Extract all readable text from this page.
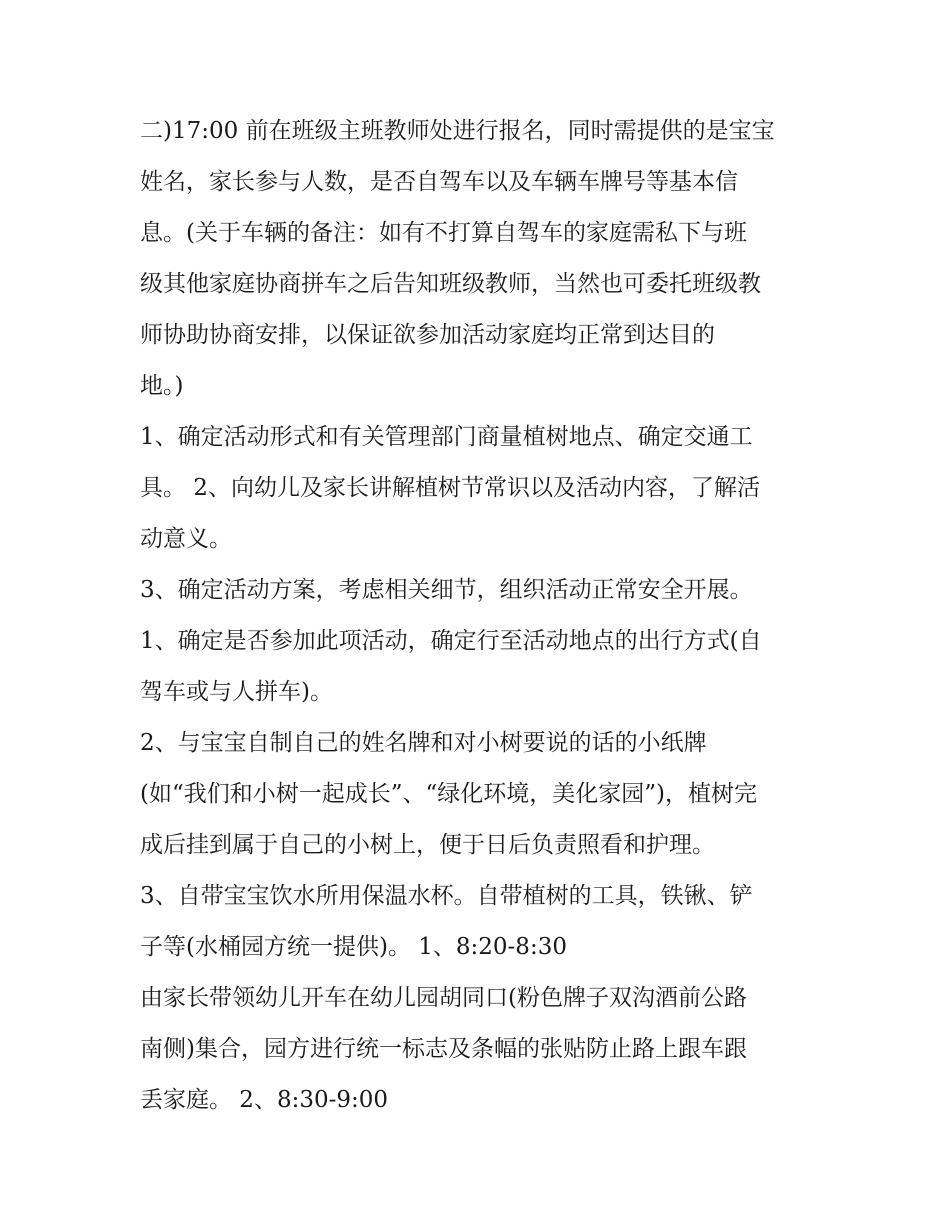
二)17:00 前在班级主班教师处进行报名，同时需提供的是宝宝
姓名，家长参与人数，是否自驾车以及车辆车牌号等基本信
息。(关于车辆的备注：如有不打算自驾车的家庭需私下与班
级其他家庭协商拼车之后告知班级教师，当然也可委托班级教
师协助协商安排，以保证欲参加活动家庭均正常到达目的
地。)
1、确定活动形式和有关管理部门商量植树地点、确定交通工
具。 2、向幼儿及家长讲解植树节常识以及活动内容，了解活
动意义。
3、确定活动方案，考虑相关细节，组织活动正常安全开展。
1、确定是否参加此项活动，确定行至活动地点的出行方式(自
驾车或与人拼车)。
2、与宝宝自制自己的姓名牌和对小树要说的话的小纸牌
(如“我们和小树一起成长”、“绿化环境，美化家园”)，植树完
成后挂到属于自己的小树上，便于日后负责照看和护理。
3、自带宝宝饮水所用保温水杯。自带植树的工具，铁锹、铲
子等(水桶园方统一提供)。 1、8:20-8:30
由家长带领幼儿开车在幼儿园胡同口(粉色牌子双沟酒前公路
南侧)集合，园方进行统一标志及条幅的张贴防止路上跟车跟
丢家庭。 2、8:30-9:00
